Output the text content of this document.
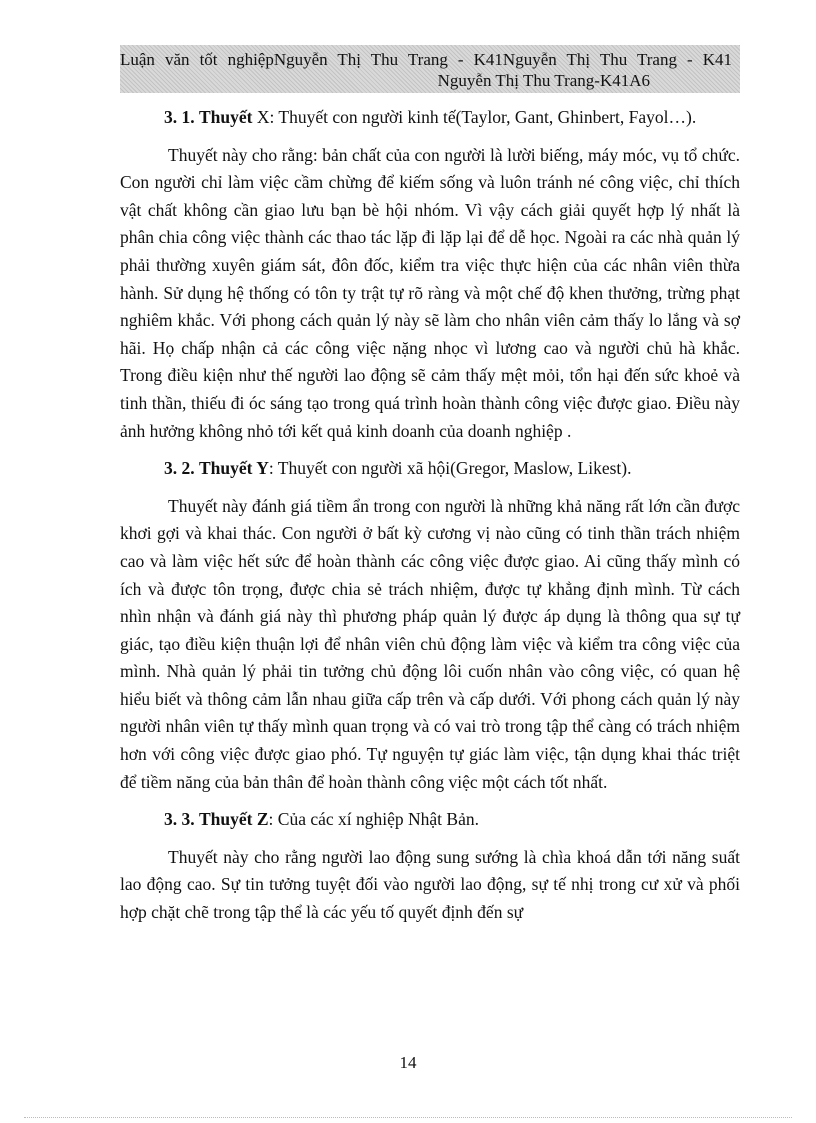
Luận văn tốt nghiệpNguyễn Thị Thu Trang - K41Nguyễn Thị Thu Trang - K41
Nguyễn Thị Thu Trang-K41A6

3. 1. Thuyết X: Thuyết con người kinh tế(Taylor, Gant, Ghinbert, Fayol…).

Thuyết này cho rằng: bản chất của con người là lười biếng, máy móc, vụ tổ chức. Con người chỉ làm việc cầm chừng để kiếm sống và luôn tránh né công việc, chỉ thích vật chất không cần giao lưu bạn bè hội nhóm. Vì vậy cách giải quyết hợp lý nhất là phân chia công việc thành các thao tác lặp đi lặp lại để dễ học. Ngoài ra các nhà quản lý phải thường xuyên giám sát, đôn đốc, kiểm tra việc thực hiện của các nhân viên thừa hành. Sử dụng hệ thống có tôn ty trật tự rõ ràng và một chế độ khen thưởng, trừng phạt nghiêm khắc. Với phong cách quản lý này sẽ làm cho nhân viên cảm thấy lo lắng và sợ hãi. Họ chấp nhận cả các công việc nặng nhọc vì lương cao và người chủ hà khắc. Trong điều kiện như thế người lao động sẽ cảm thấy mệt mỏi, tổn hại đến sức khoẻ và tinh thần, thiếu đi óc sáng tạo trong quá trình hoàn thành công việc được giao. Điều này ảnh hưởng không nhỏ tới kết quả kinh doanh của doanh nghiệp .

3. 2. Thuyết Y: Thuyết con người xã hội(Gregor, Maslow, Likest).

Thuyết này đánh giá tiềm ẩn trong con người là những khả năng rất lớn cần được khơi gợi và khai thác. Con người ở bất kỳ cương vị nào cũng có tinh thần trách nhiệm cao và làm việc hết sức để hoàn thành các công việc được giao. Ai cũng thấy mình có ích và được tôn trọng, được chia sẻ trách nhiệm, được tự khẳng định mình. Từ cách nhìn nhận và đánh giá này thì phương pháp quản lý được áp dụng là thông qua sự tự giác, tạo điều kiện thuận lợi để nhân viên chủ động làm việc và kiểm tra công việc của mình. Nhà quản lý phải tin tưởng chủ động lôi cuốn nhân vào công việc, có quan hệ hiểu biết và thông cảm lẫn nhau giữa cấp trên và cấp dưới. Với phong cách quản lý này người nhân viên tự thấy mình quan trọng và có vai trò trong tập thể càng có trách nhiệm hơn với công việc được giao phó. Tự nguyện tự giác làm việc, tận dụng khai thác triệt để tiềm năng của bản thân để hoàn thành công việc một cách tốt nhất.

3. 3. Thuyết Z: Của các xí nghiệp Nhật Bản.

Thuyết này cho rằng người lao động sung sướng là chìa khoá dẫn tới năng suất lao động cao. Sự tin tưởng tuyệt đối vào người lao động, sự tế nhị trong cư xử và phối hợp chặt chẽ trong tập thể là các yếu tố quyết định đến sự

14
